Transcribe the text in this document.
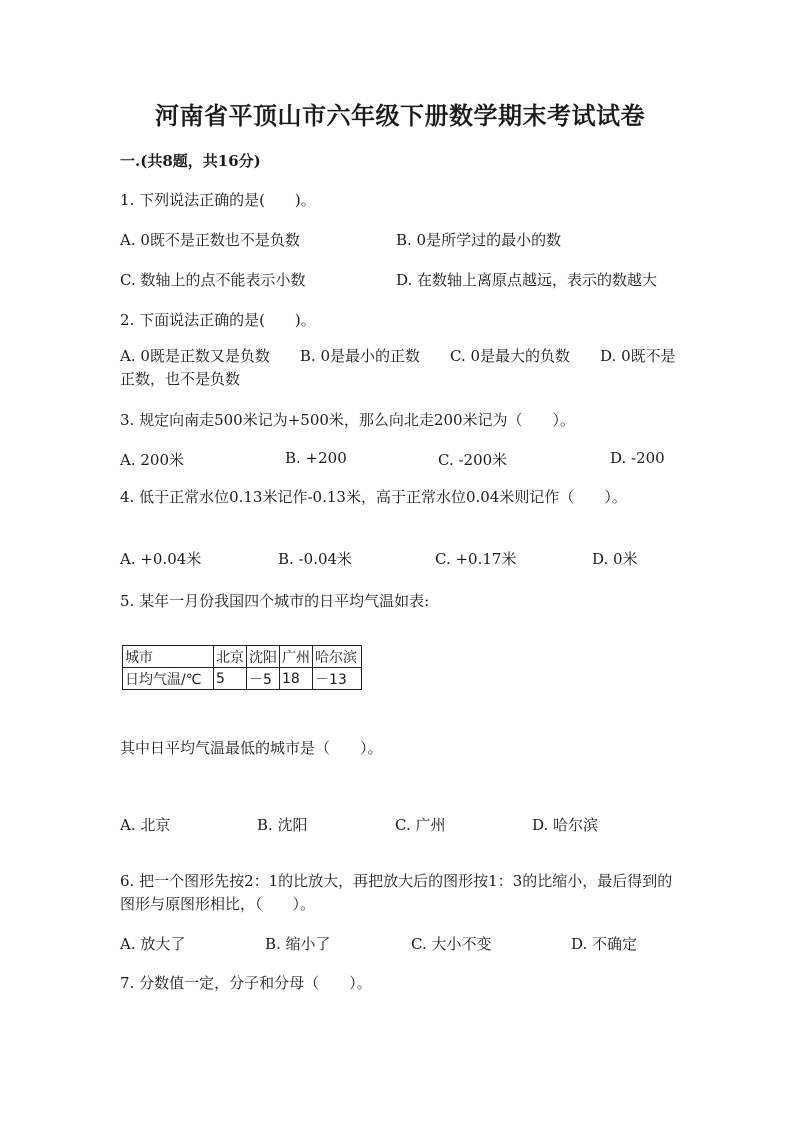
河南省平顶山市六年级下册数学期末考试试卷
一.(共8题，共16分)
1. 下列说法正确的是(　　)。
A. 0既不是正数也不是负数	B. 0是所学过的最小的数
C. 数轴上的点不能表示小数	D. 在数轴上离原点越远，表示的数越大
2. 下面说法正确的是(　　)。
A. 0既是正数又是负数　　B. 0是最小的正数　　C. 0是最大的负数　　D. 0既不是正数，也不是负数
3. 规定向南走500米记为+500米，那么向北走200米记为（　　）。
A. 200米	B. +200	C. -200米	D. -200
4. 低于正常水位0.13米记作-0.13米，高于正常水位0.04米则记作（　　）。
A. +0.04米	B. -0.04米	C. +0.17米	D. 0米
5. 某年一月份我国四个城市的日平均气温如表:
城市	北京	沈阳	广州	哈尔滨
日均气温/℃	5	－5	18	－13
其中日平均气温最低的城市是（　　）。
A. 北京	B. 沈阳	C. 广州	D. 哈尔滨
6. 把一个图形先按2：1的比放大，再把放大后的图形按1：3的比缩小，最后得到的图形与原图形相比，（　　）。
A. 放大了	B. 缩小了	C. 大小不变	D. 不确定
7. 分数值一定，分子和分母（　　）。
